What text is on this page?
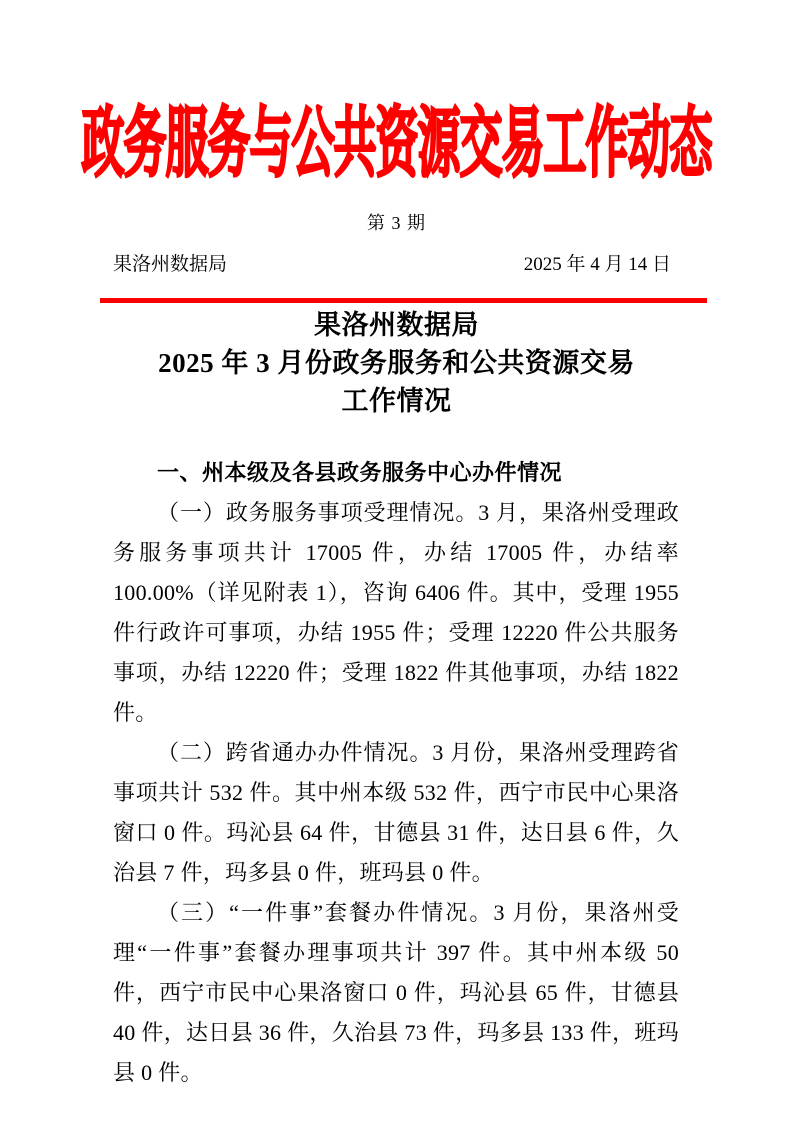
政务服务与公共资源交易工作动态
第 3 期
果洛州数据局	2025 年 4 月 14 日
果洛州数据局
2025 年 3 月份政务服务和公共资源交易
工作情况
一、州本级及各县政务服务中心办件情况

（一）政务服务事项受理情况。3 月，果洛州受理政务服务事项共计 17005 件，办结 17005 件，办结率 100.00%（详见附表 1），咨询 6406 件。其中，受理 1955 件行政许可事项，办结 1955 件；受理 12220 件公共服务事项，办结 12220 件；受理 1822 件其他事项，办结 1822 件。

（二）跨省通办办件情况。3 月份，果洛州受理跨省事项共计 532 件。其中州本级 532 件，西宁市民中心果洛窗口 0 件。玛沁县 64 件，甘德县 31 件，达日县 6 件，久治县 7 件，玛多县 0 件，班玛县 0 件。

（三）“一件事”套餐办件情况。3 月份，果洛州受理“一件事”套餐办理事项共计 397 件。其中州本级 50 件，西宁市民中心果洛窗口 0 件，玛沁县 65 件，甘德县 40 件，达日县 36 件，久治县 73 件，玛多县 133 件，班玛县 0 件。
